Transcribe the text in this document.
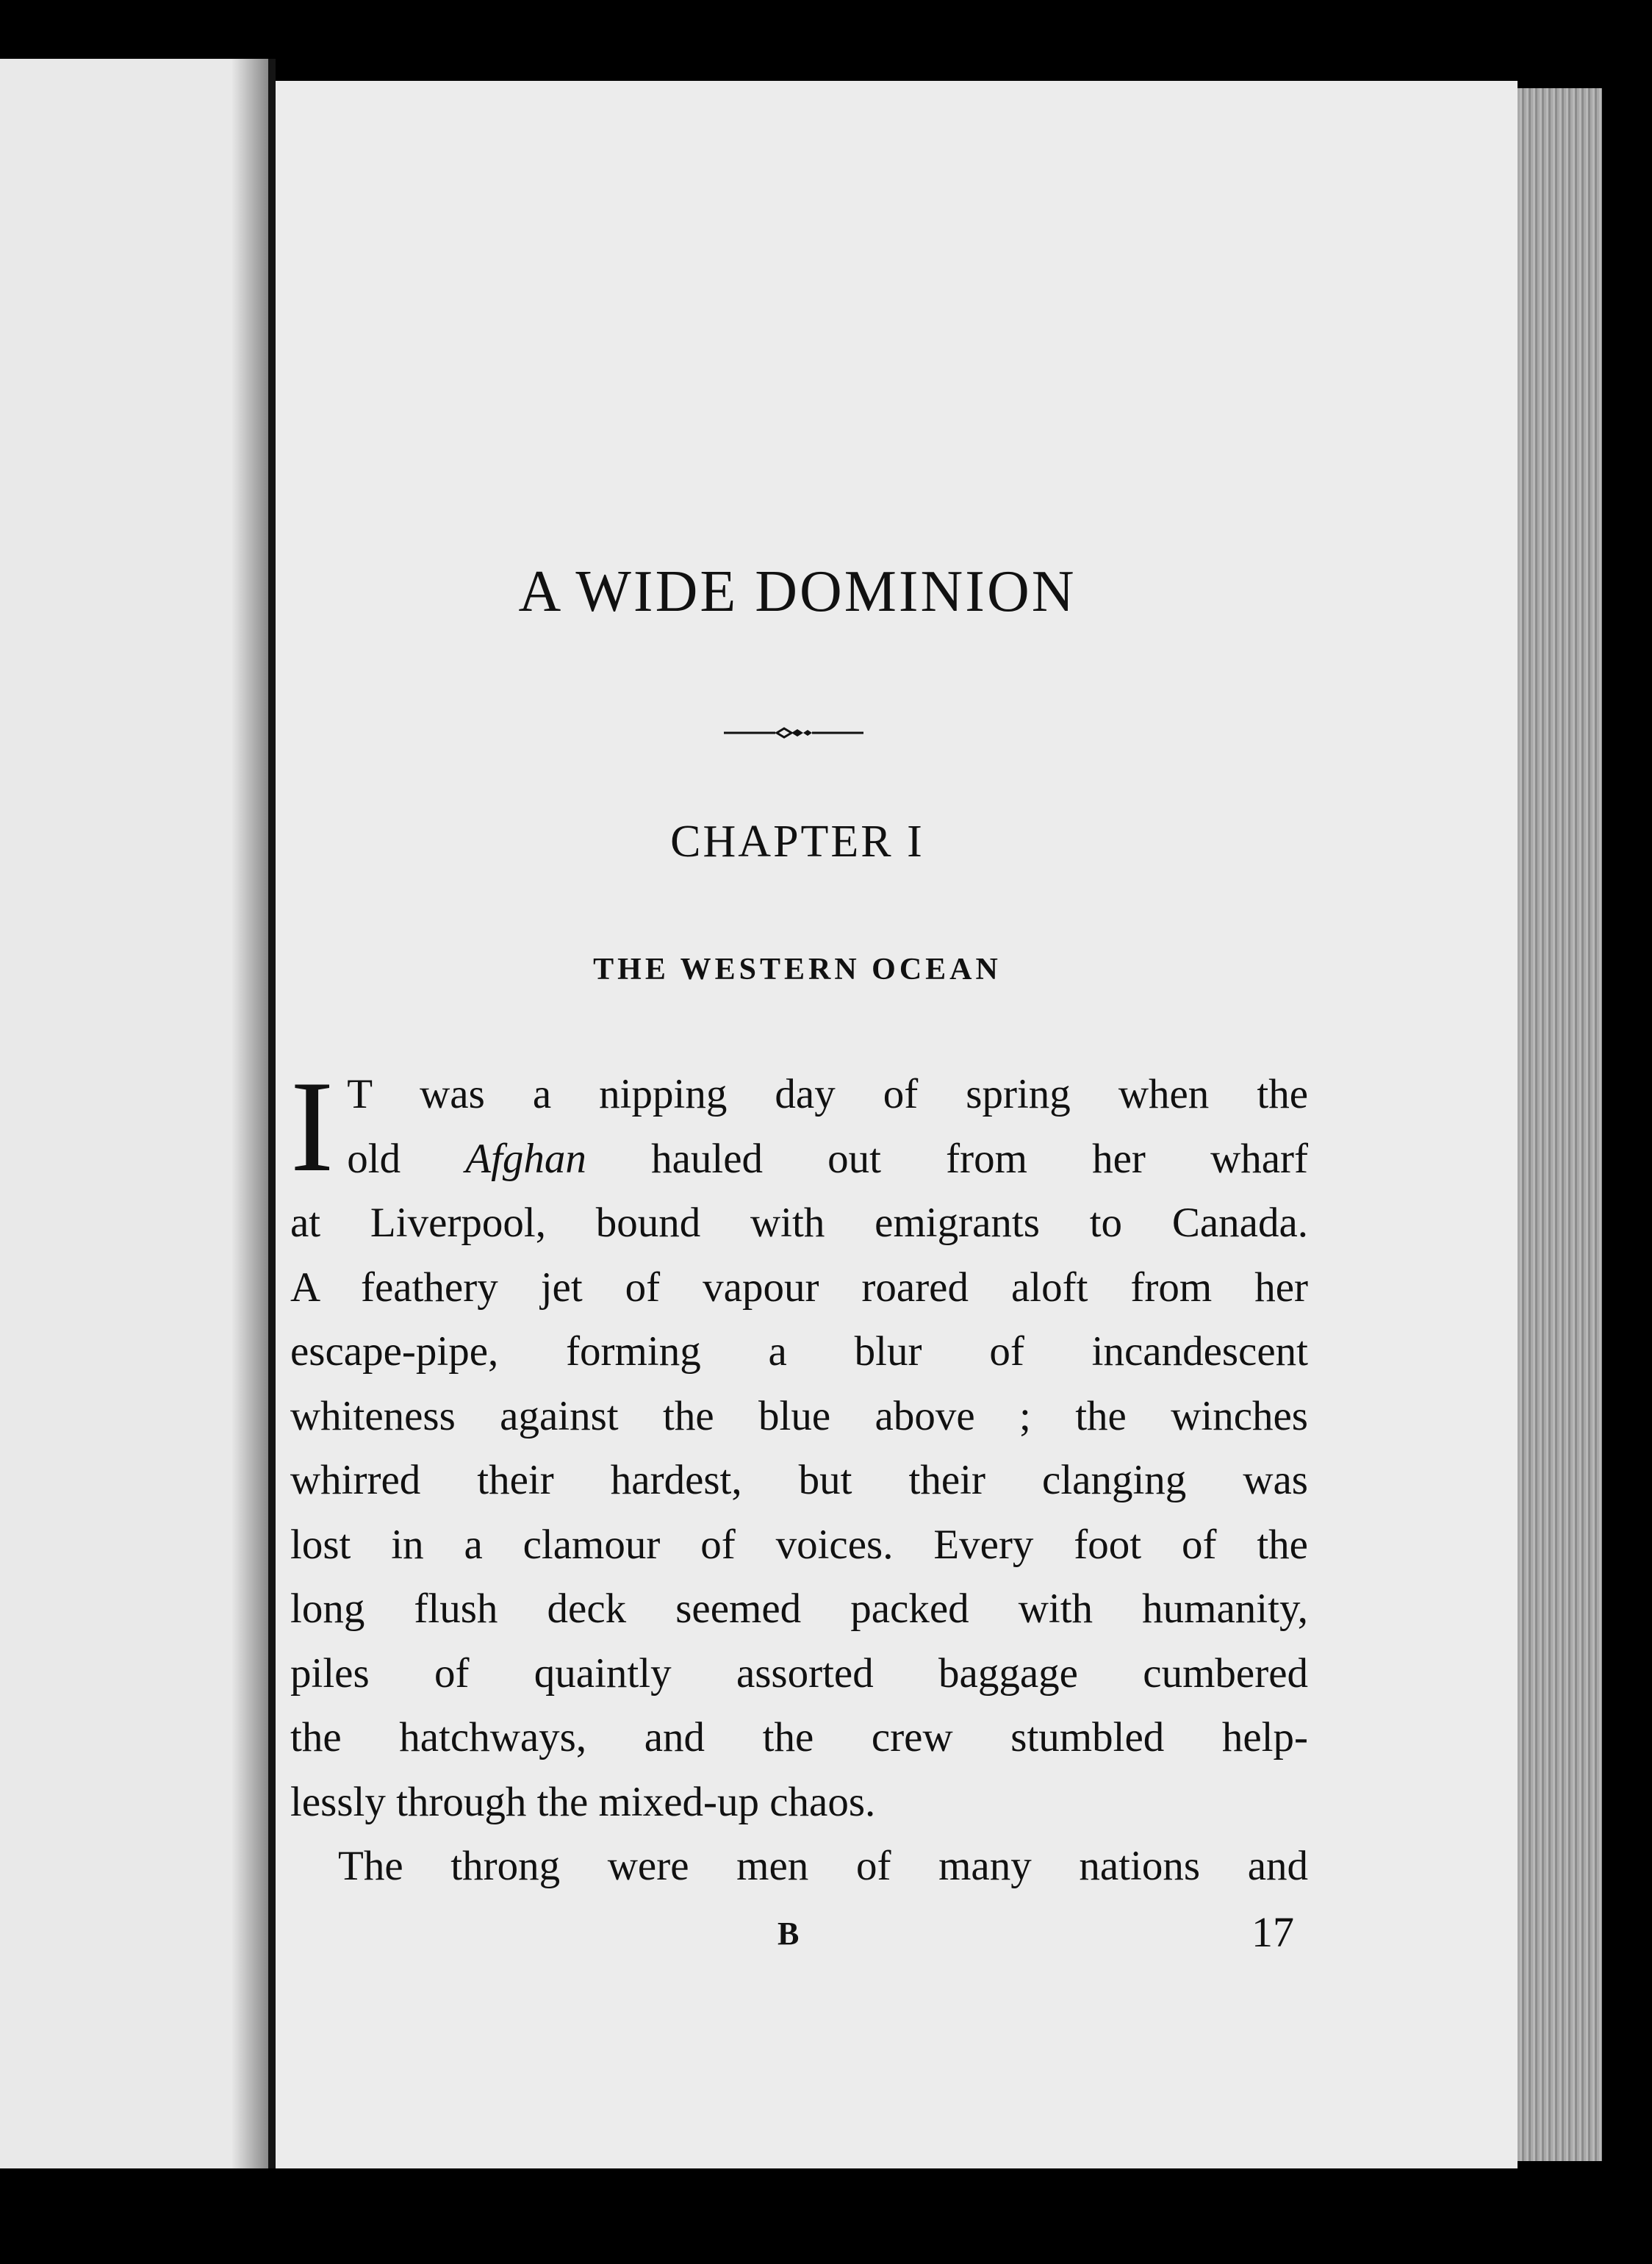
A WIDE DOMINION
CHAPTER I
THE WESTERN OCEAN
I T was a nipping day of spring when the
old Afghan hauled out from her wharf
at Liverpool, bound with emigrants to Canada.
A feathery jet of vapour roared aloft from her
escape-pipe, forming a blur of incandescent
whiteness against the blue above ; the winches
whirred their hardest, but their clanging was
lost in a clamour of voices. Every foot of the
long flush deck seemed packed with humanity,
piles of quaintly assorted baggage cumbered
the hatchways, and the crew stumbled help-
lessly through the mixed-up chaos.
The throng were men of many nations and
B	17
